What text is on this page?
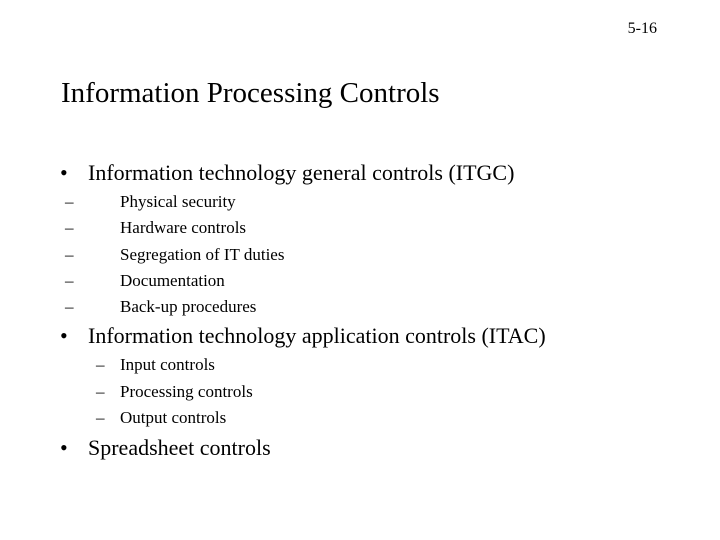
5-16
Information Processing Controls
• Information technology general controls (ITGC)
–	Physical security
–	Hardware controls
–	Segregation of IT duties
–	Documentation
–	Back-up procedures
• Information technology application controls (ITAC)
– Input controls
– Processing controls
– Output controls
• Spreadsheet controls
